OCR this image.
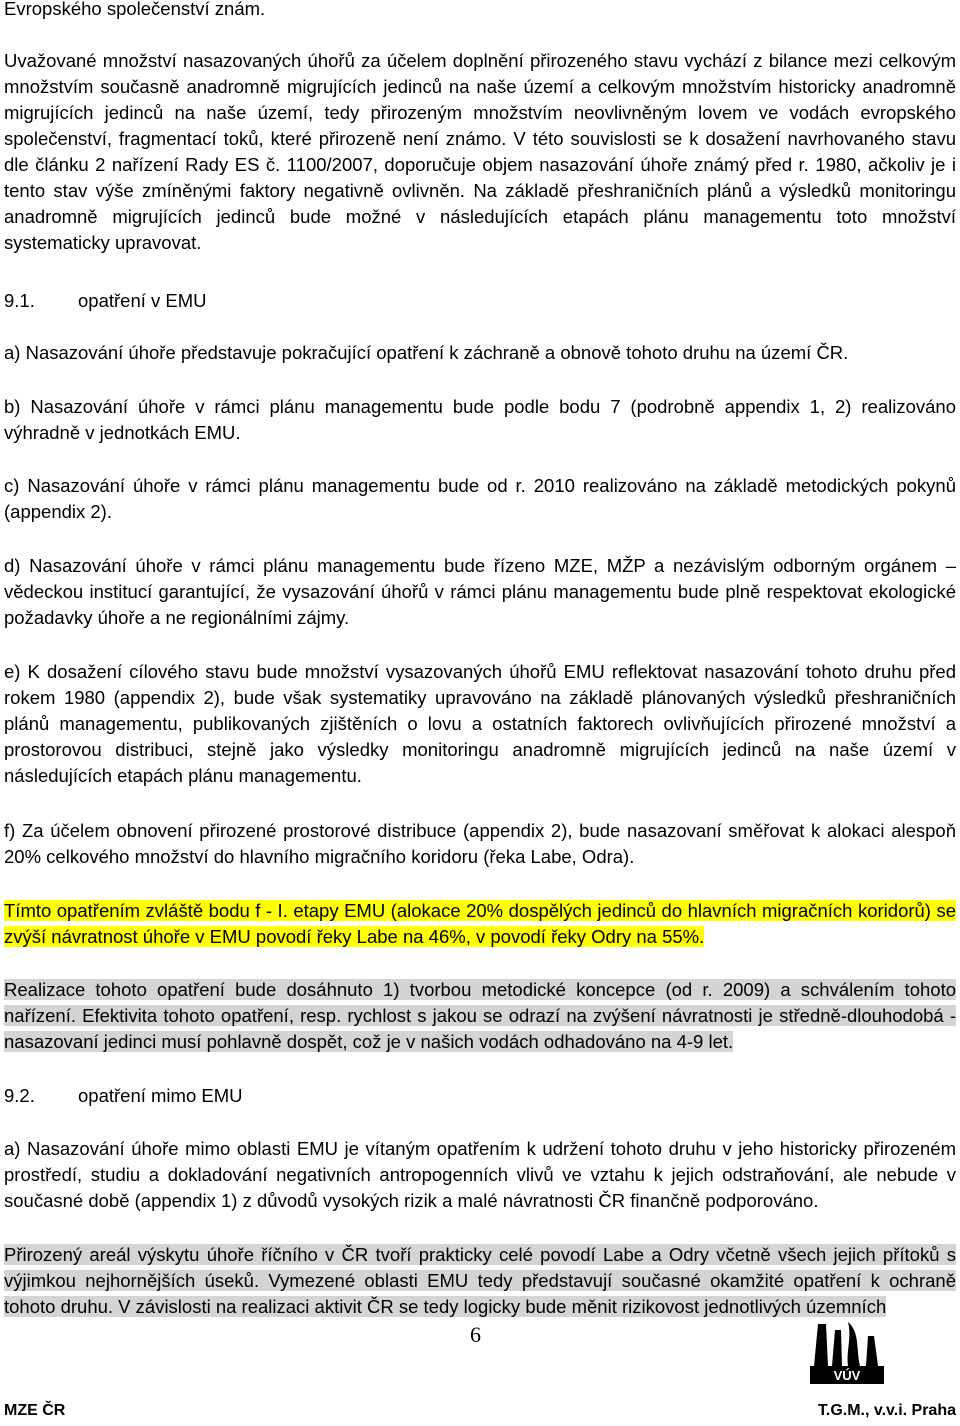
Evropského společenství znám.

Uvažované množství nasazovaných úhořů za účelem doplnění přirozeného stavu vychází z bilance mezi celkovým množstvím současně anadromně migrujících jedinců na naše území a celkovým množstvím historicky anadromně migrujících jedinců na naše území, tedy přirozeným množstvím neovlivněným lovem ve vodách evropského společenství, fragmentací toků, které přirozeně není známo. V této souvislosti se k dosažení navrhovaného stavu dle článku 2 nařízení Rady ES č. 1100/2007, doporučuje objem nasazování úhoře známý před r. 1980, ačkoliv je i tento stav výše zmíněnými faktory negativně ovlivněn. Na základě přeshraničních plánů a výsledků monitoringu anadromně migrujících jedinců bude možné v následujících etapách plánu managementu toto množství systematicky upravovat.

9.1. opatření v EMU

a) Nasazování úhoře představuje pokračující opatření k záchraně a obnově tohoto druhu na území ČR.

b) Nasazování úhoře v rámci plánu managementu bude podle bodu 7 (podrobně appendix 1, 2) realizováno výhradně v jednotkách EMU.

c) Nasazování úhoře v rámci plánu managementu bude od r. 2010 realizováno na základě metodických pokynů (appendix 2).

d) Nasazování úhoře v rámci plánu managementu bude řízeno MZE, MŽP a nezávislým odborným orgánem – vědeckou institucí garantující, že vysazování úhořů v rámci plánu managementu bude plně respektovat ekologické požadavky úhoře a ne regionálními zájmy.

e) K dosažení cílového stavu bude množství vysazovaných úhořů EMU reflektovat nasazování tohoto druhu před rokem 1980 (appendix 2), bude však systematiky upravováno na základě plánovaných výsledků přeshraničních plánů managementu, publikovaných zjištěních o lovu a ostatních faktorech ovlivňujících přirozené množství a prostorovou distribuci, stejně jako výsledky monitoringu anadromně migrujících jedinců na naše území v následujících etapách plánu managementu.

f) Za účelem obnovení přirozené prostorové distribuce (appendix 2), bude nasazovaní směřovat k alokaci alespoň 20% celkového množství do hlavního migračního koridoru (řeka Labe, Odra).

Tímto opatřením zvláště bodu f - I. etapy EMU (alokace 20% dospělých jedinců do hlavních migračních koridorů) se zvýší návratnost úhoře v EMU povodí řeky Labe na 46%, v povodí řeky Odry na 55%.

Realizace tohoto opatření bude dosáhnuto 1) tvorbou metodické koncepce (od r. 2009) a schválením tohoto nařízení. Efektivita tohoto opatření, resp. rychlost s jakou se odrazí na zvýšení návratnosti je středně-dlouhodobá - nasazovaní jedinci musí pohlavně dospět, což je v našich vodách odhadováno na 4-9 let.

9.2. opatření mimo EMU

a) Nasazování úhoře mimo oblasti EMU je vítaným opatřením k udržení tohoto druhu v jeho historicky přirozeném prostředí, studiu a dokladování negativních antropogenních vlivů ve vztahu k jejich odstraňování, ale nebude v současné době (appendix 1) z důvodů vysokých rizik a malé návratnosti ČR finančně podporováno.

Přirozený areál výskytu úhoře říčního v ČR tvoří prakticky celé povodí Labe a Odry včetně všech jejich přítoků s výjimkou nejhornějších úseků. Vymezené oblasti EMU tedy představují současné okamžité opatření k ochraně tohoto druhu. V závislosti na realizaci aktivit ČR se tedy logicky bude měnit rizikovost jednotlivých územních

6
VÚV
MZE ČR	T.G.M., v.v.i. Praha
